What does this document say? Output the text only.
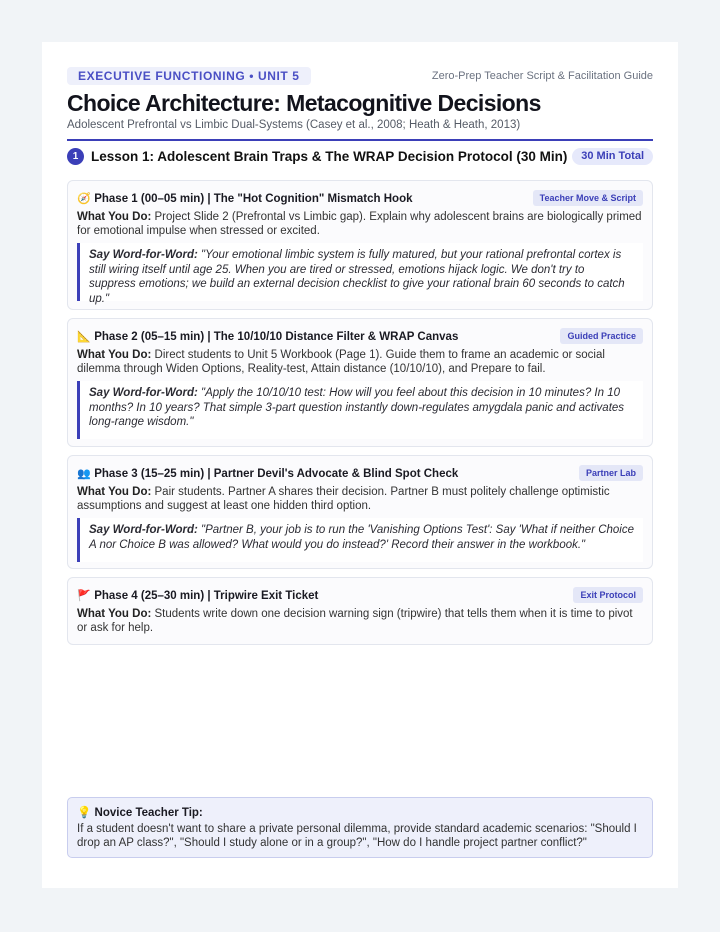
EXECUTIVE FUNCTIONING • UNIT 5	Zero-Prep Teacher Script & Facilitation Guide
Choice Architecture: Metacognitive Decisions
Adolescent Prefrontal vs Limbic Dual-Systems (Casey et al., 2008; Heath & Heath, 2013)
1 Lesson 1: Adolescent Brain Traps & The WRAP Decision Protocol (30 Min)	30 Min Total
🧭 Phase 1 (00–05 min) | The "Hot Cognition" Mismatch Hook	Teacher Move & Script
What You Do: Project Slide 2 (Prefrontal vs Limbic gap). Explain why adolescent brains are biologically primed for emotional impulse when stressed or excited.
Say Word-for-Word: "Your emotional limbic system is fully matured, but your rational prefrontal cortex is still wiring itself until age 25. When you are tired or stressed, emotions hijack logic. We don't try to suppress emotions; we build an external decision checklist to give your rational brain 60 seconds to catch up."
📐 Phase 2 (05–15 min) | The 10/10/10 Distance Filter & WRAP Canvas	Guided Practice
What You Do: Direct students to Unit 5 Workbook (Page 1). Guide them to frame an academic or social dilemma through Widen Options, Reality-test, Attain distance (10/10/10), and Prepare to fail.
Say Word-for-Word: "Apply the 10/10/10 test: How will you feel about this decision in 10 minutes? In 10 months? In 10 years? That simple 3-part question instantly down-regulates amygdala panic and activates long-range wisdom."
👥 Phase 3 (15–25 min) | Partner Devil's Advocate & Blind Spot Check	Partner Lab
What You Do: Pair students. Partner A shares their decision. Partner B must politely challenge optimistic assumptions and suggest at least one hidden third option.
Say Word-for-Word: "Partner B, your job is to run the 'Vanishing Options Test': Say 'What if neither Choice A nor Choice B was allowed? What would you do instead?' Record their answer in the workbook."
🚩 Phase 4 (25–30 min) | Tripwire Exit Ticket	Exit Protocol
What You Do: Students write down one decision warning sign (tripwire) that tells them when it is time to pivot or ask for help.
💡 Novice Teacher Tip:
If a student doesn't want to share a private personal dilemma, provide standard academic scenarios: "Should I drop an AP class?", "Should I study alone or in a group?", "How do I handle project partner conflict?"
